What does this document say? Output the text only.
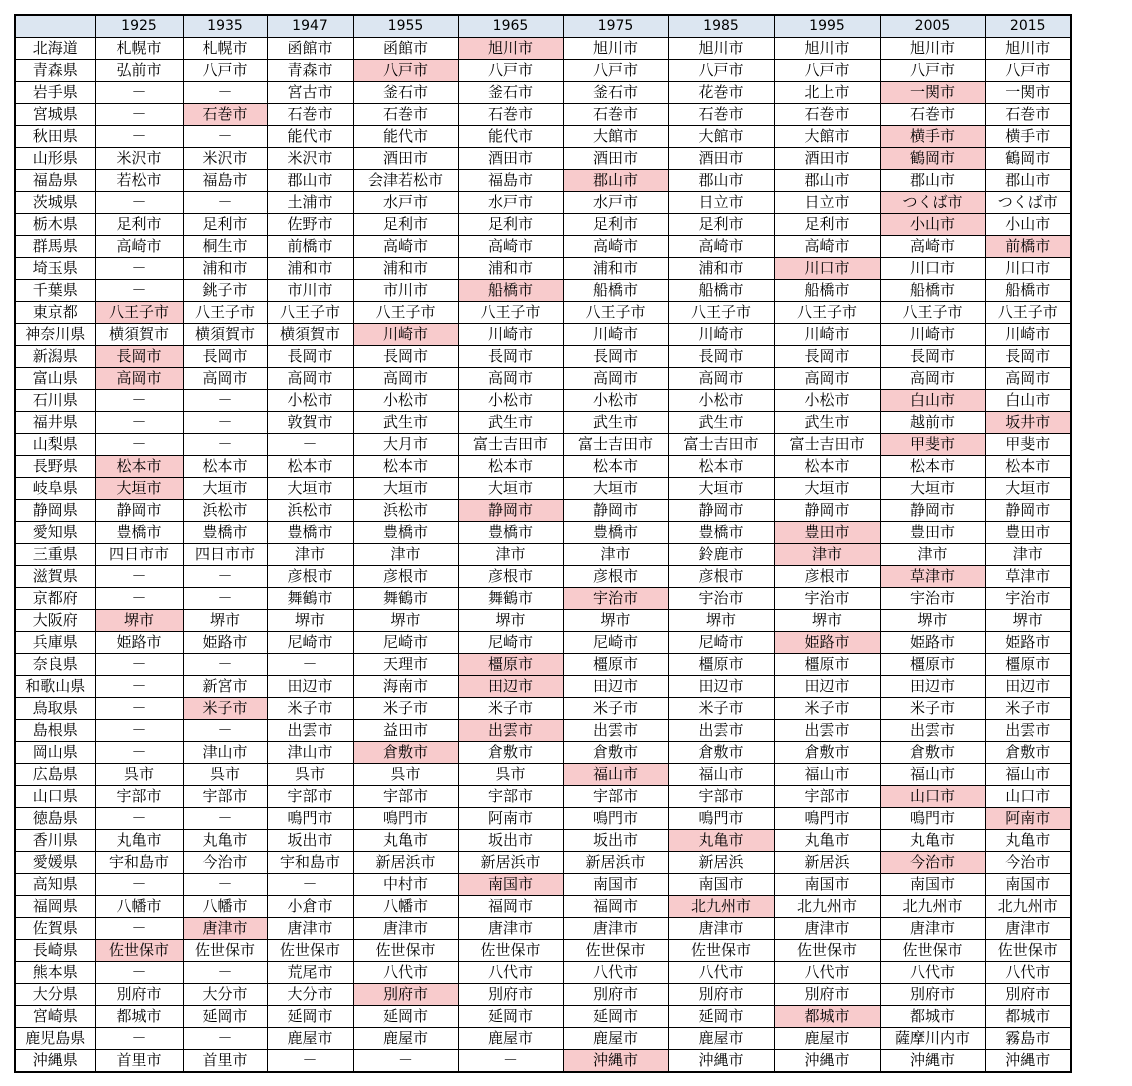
	1925	1935	1947	1955	1965	1975	1985	1995	2005	2015
北海道	札幌市	札幌市	函館市	函館市	旭川市	旭川市	旭川市	旭川市	旭川市	旭川市
青森県	弘前市	八戸市	青森市	八戸市	八戸市	八戸市	八戸市	八戸市	八戸市	八戸市
岩手県	－	－	宮古市	釜石市	釜石市	釜石市	花巻市	北上市	一関市	一関市
宮城県	－	石巻市	石巻市	石巻市	石巻市	石巻市	石巻市	石巻市	石巻市	石巻市
秋田県	－	－	能代市	能代市	能代市	大館市	大館市	大館市	横手市	横手市
山形県	米沢市	米沢市	米沢市	酒田市	酒田市	酒田市	酒田市	酒田市	鶴岡市	鶴岡市
福島県	若松市	福島市	郡山市	会津若松市	福島市	郡山市	郡山市	郡山市	郡山市	郡山市
茨城県	－	－	土浦市	水戸市	水戸市	水戸市	日立市	日立市	つくば市	つくば市
栃木県	足利市	足利市	佐野市	足利市	足利市	足利市	足利市	足利市	小山市	小山市
群馬県	高崎市	桐生市	前橋市	高崎市	高崎市	高崎市	高崎市	高崎市	高崎市	前橋市
埼玉県	－	浦和市	浦和市	浦和市	浦和市	浦和市	浦和市	川口市	川口市	川口市
千葉県	－	銚子市	市川市	市川市	船橋市	船橋市	船橋市	船橋市	船橋市	船橋市
東京都	八王子市	八王子市	八王子市	八王子市	八王子市	八王子市	八王子市	八王子市	八王子市	八王子市
神奈川県	横須賀市	横須賀市	横須賀市	川崎市	川崎市	川崎市	川崎市	川崎市	川崎市	川崎市
新潟県	長岡市	長岡市	長岡市	長岡市	長岡市	長岡市	長岡市	長岡市	長岡市	長岡市
富山県	高岡市	高岡市	高岡市	高岡市	高岡市	高岡市	高岡市	高岡市	高岡市	高岡市
石川県	－	－	小松市	小松市	小松市	小松市	小松市	小松市	白山市	白山市
福井県	－	－	敦賀市	武生市	武生市	武生市	武生市	武生市	越前市	坂井市
山梨県	－	－	－	大月市	富士吉田市	富士吉田市	富士吉田市	富士吉田市	甲斐市	甲斐市
長野県	松本市	松本市	松本市	松本市	松本市	松本市	松本市	松本市	松本市	松本市
岐阜県	大垣市	大垣市	大垣市	大垣市	大垣市	大垣市	大垣市	大垣市	大垣市	大垣市
静岡県	静岡市	浜松市	浜松市	浜松市	静岡市	静岡市	静岡市	静岡市	静岡市	静岡市
愛知県	豊橋市	豊橋市	豊橋市	豊橋市	豊橋市	豊橋市	豊橋市	豊田市	豊田市	豊田市
三重県	四日市市	四日市市	津市	津市	津市	津市	鈴鹿市	津市	津市	津市
滋賀県	－	－	彦根市	彦根市	彦根市	彦根市	彦根市	彦根市	草津市	草津市
京都府	－	－	舞鶴市	舞鶴市	舞鶴市	宇治市	宇治市	宇治市	宇治市	宇治市
大阪府	堺市	堺市	堺市	堺市	堺市	堺市	堺市	堺市	堺市	堺市
兵庫県	姫路市	姫路市	尼崎市	尼崎市	尼崎市	尼崎市	尼崎市	姫路市	姫路市	姫路市
奈良県	－	－	－	天理市	橿原市	橿原市	橿原市	橿原市	橿原市	橿原市
和歌山県	－	新宮市	田辺市	海南市	田辺市	田辺市	田辺市	田辺市	田辺市	田辺市
鳥取県	－	米子市	米子市	米子市	米子市	米子市	米子市	米子市	米子市	米子市
島根県	－	－	出雲市	益田市	出雲市	出雲市	出雲市	出雲市	出雲市	出雲市
岡山県	－	津山市	津山市	倉敷市	倉敷市	倉敷市	倉敷市	倉敷市	倉敷市	倉敷市
広島県	呉市	呉市	呉市	呉市	呉市	福山市	福山市	福山市	福山市	福山市
山口県	宇部市	宇部市	宇部市	宇部市	宇部市	宇部市	宇部市	宇部市	山口市	山口市
徳島県	－	－	鳴門市	鳴門市	阿南市	鳴門市	鳴門市	鳴門市	鳴門市	阿南市
香川県	丸亀市	丸亀市	坂出市	丸亀市	坂出市	坂出市	丸亀市	丸亀市	丸亀市	丸亀市
愛媛県	宇和島市	今治市	宇和島市	新居浜市	新居浜市	新居浜市	新居浜	新居浜	今治市	今治市
高知県	－	－	－	中村市	南国市	南国市	南国市	南国市	南国市	南国市
福岡県	八幡市	八幡市	小倉市	八幡市	福岡市	福岡市	北九州市	北九州市	北九州市	北九州市
佐賀県	－	唐津市	唐津市	唐津市	唐津市	唐津市	唐津市	唐津市	唐津市	唐津市
長崎県	佐世保市	佐世保市	佐世保市	佐世保市	佐世保市	佐世保市	佐世保市	佐世保市	佐世保市	佐世保市
熊本県	－	－	荒尾市	八代市	八代市	八代市	八代市	八代市	八代市	八代市
大分県	別府市	大分市	大分市	別府市	別府市	別府市	別府市	別府市	別府市	別府市
宮崎県	都城市	延岡市	延岡市	延岡市	延岡市	延岡市	延岡市	都城市	都城市	都城市
鹿児島県	－	－	鹿屋市	鹿屋市	鹿屋市	鹿屋市	鹿屋市	鹿屋市	薩摩川内市	霧島市
沖縄県	首里市	首里市	－	－	－	沖縄市	沖縄市	沖縄市	沖縄市	沖縄市
